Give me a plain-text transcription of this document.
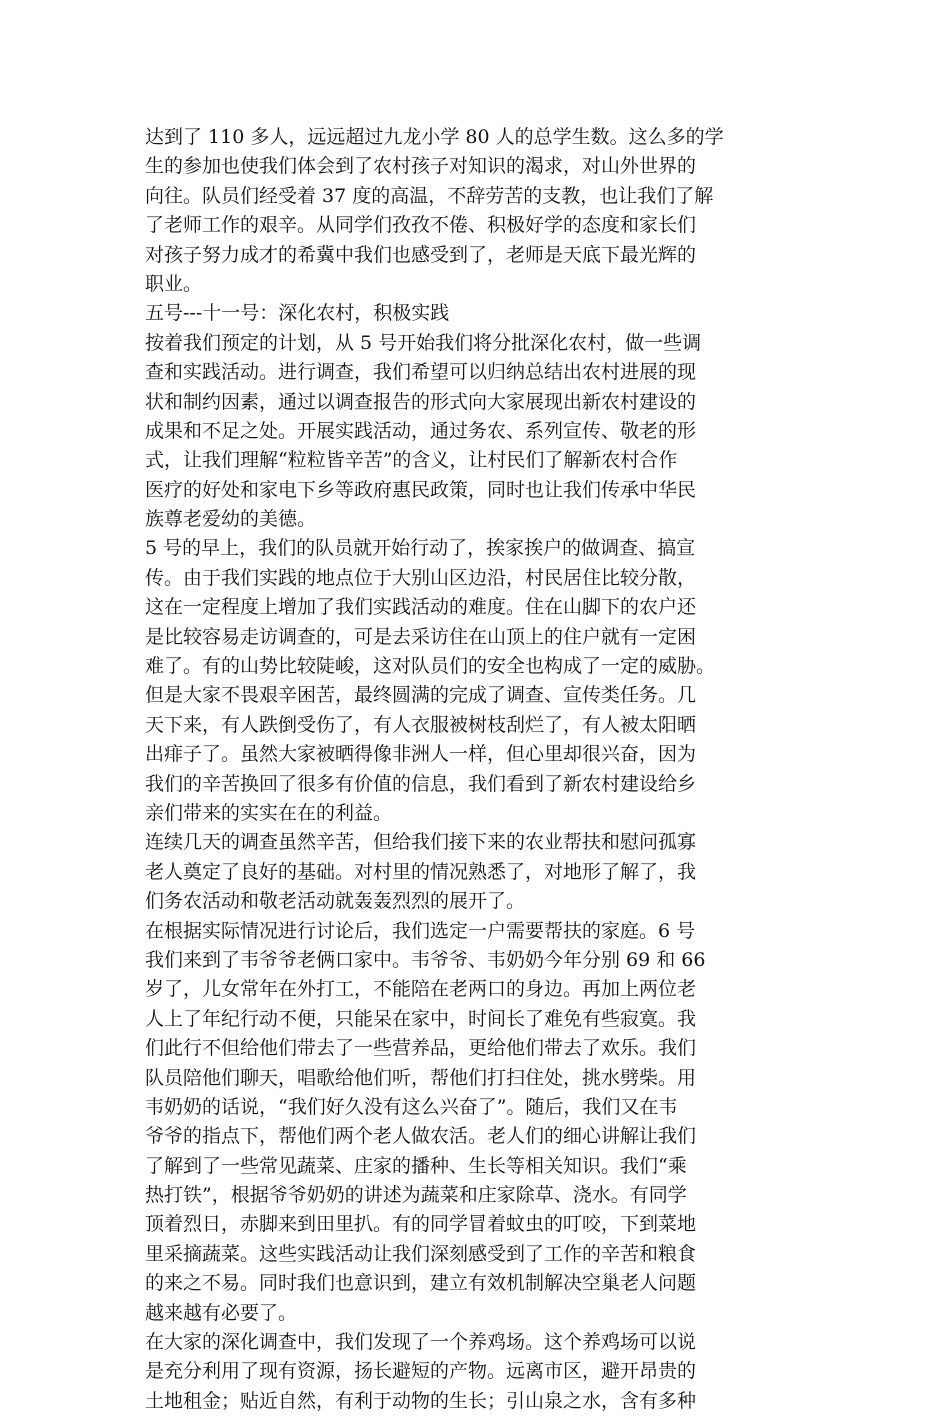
达到了 110 多人，远远超过九龙小学 80 人的总学生数。这么多的学
生的参加也使我们体会到了农村孩子对知识的渴求，对山外世界的
向往。队员们经受着 37 度的高温，不辞劳苦的支教，也让我们了解
了老师工作的艰辛。从同学们孜孜不倦、积极好学的态度和家长们
对孩子努力成才的希冀中我们也感受到了，老师是天底下最光辉的
职业。
五号---十一号：深化农村，积极实践
按着我们预定的计划，从 5 号开始我们将分批深化农村，做一些调
查和实践活动。进行调查，我们希望可以归纳总结出农村进展的现
状和制约因素，通过以调查报告的形式向大家展现出新农村建设的
成果和不足之处。开展实践活动，通过务农、系列宣传、敬老的形
式，让我们理解“粒粒皆辛苦”的含义，让村民们了解新农村合作
医疗的好处和家电下乡等政府惠民政策，同时也让我们传承中华民
族尊老爱幼的美德。
5 号的早上，我们的队员就开始行动了，挨家挨户的做调查、搞宣
传。由于我们实践的地点位于大别山区边沿，村民居住比较分散，
这在一定程度上增加了我们实践活动的难度。住在山脚下的农户还
是比较容易走访调查的，可是去采访住在山顶上的住户就有一定困
难了。有的山势比较陡峻，这对队员们的安全也构成了一定的威胁。
但是大家不畏艰辛困苦，最终圆满的完成了调查、宣传类任务。几
天下来，有人跌倒受伤了，有人衣服被树枝刮烂了，有人被太阳晒
出痱子了。虽然大家被晒得像非洲人一样，但心里却很兴奋，因为
我们的辛苦换回了很多有价值的信息，我们看到了新农村建设给乡
亲们带来的实实在在的利益。
连续几天的调查虽然辛苦，但给我们接下来的农业帮扶和慰问孤寡
老人奠定了良好的基础。对村里的情况熟悉了，对地形了解了，我
们务农活动和敬老活动就轰轰烈烈的展开了。
在根据实际情况进行讨论后，我们选定一户需要帮扶的家庭。6 号
我们来到了韦爷爷老俩口家中。韦爷爷、韦奶奶今年分别 69 和 66
岁了，儿女常年在外打工，不能陪在老两口的身边。再加上两位老
人上了年纪行动不便，只能呆在家中，时间长了难免有些寂寞。我
们此行不但给他们带去了一些营养品，更给他们带去了欢乐。我们
队员陪他们聊天，唱歌给他们听，帮他们打扫住处，挑水劈柴。用
韦奶奶的话说，“我们好久没有这么兴奋了”。随后，我们又在韦
爷爷的指点下，帮他们两个老人做农活。老人们的细心讲解让我们
了解到了一些常见蔬菜、庄家的播种、生长等相关知识。我们“乘
热打铁”，根据爷爷奶奶的讲述为蔬菜和庄家除草、浇水。有同学
顶着烈日，赤脚来到田里扒。有的同学冒着蚊虫的叮咬，下到菜地
里采摘蔬菜。这些实践活动让我们深刻感受到了工作的辛苦和粮食
的来之不易。同时我们也意识到，建立有效机制解决空巢老人问题
越来越有必要了。
在大家的深化调查中，我们发现了一个养鸡场。这个养鸡场可以说
是充分利用了现有资源，扬长避短的产物。远离市区，避开昂贵的
土地租金；贴近自然，有利于动物的生长；引山泉之水，含有多种
